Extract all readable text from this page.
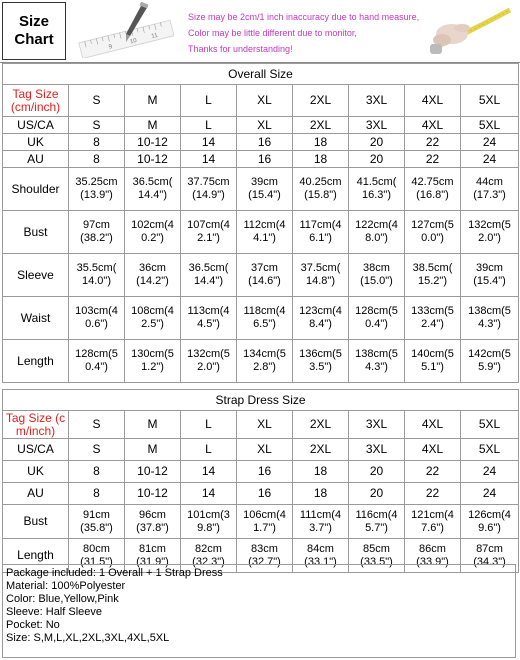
Size
Chart	9
10
11
Size may be 2cm/1 inch inaccuracy due to hand measure,
Color may be little different due to monitor,
Thanks for understanding!
Overall Size								
Tag Size (cm/inch)	S	M	L	XL	2XL	3XL	4XL	5XL
US/CA	S	M	L	XL	2XL	3XL	4XL	5XL
UK	8	10-12	14	16	18	20	22	24
AU	8	10-12	14	16	18	20	22	24
Shoulder	35.25cm (13.9")	36.5cm( 14.4")	37.75cm (14.9")	39cm (15.4")	40.25cm (15.8")	41.5cm( 16.3")	42.75cm (16.8")	44cm (17.3")
Bust	97cm (38.2")	102cm(4 0.2")	107cm(4 2.1")	112cm(4 4.1")	117cm(4 6.1")	122cm(4 8.0")	127cm(5 0.0")	132cm(5 2.0")
Sleeve	35.5cm( 14.0")	36cm (14.2")	36.5cm( 14.4")	37cm (14.6")	37.5cm( 14.8")	38cm (15.0")	38.5cm( 15.2")	39cm (15.4")
Waist	103cm(4 0.6")	108cm(4 2.5")	113cm(4 4.5")	118cm(4 6.5")	123cm(4 8.4")	128cm(5 0.4")	133cm(5 2.4")	138cm(5 4.3")
Length	128cm(5 0.4")	130cm(5 1.2")	132cm(5 2.0")	134cm(5 2.8")	136cm(5 3.5")	138cm(5 4.3")	140cm(5 5.1")	142cm(5 5.9")
Strap Dress Size								
Tag Size (c m/inch)	S	M	L	XL	2XL	3XL	4XL	5XL
US/CA	S	M	L	XL	2XL	3XL	4XL	5XL
UK	8	10-12	14	16	18	20	22	24
AU	8	10-12	14	16	18	20	22	24
Bust	91cm (35.8")	96cm (37.8")	101cm(3 9.8")	106cm(4 1.7")	111cm(4 3.7")	116cm(4 5.7")	121cm(4 7.6")	126cm(4 9.6")
Length	80cm (31.5")	81cm (31.9")	82cm (32.3")	83cm (32.7")	84cm (33.1")	85cm (33.5")	86cm (33.9")	87cm (34.3")
Package included: 1 Overall + 1 Strap Dress
Material: 100%Polyester
Color: Blue,Yellow,Pink
Sleeve: Half Sleeve
Pocket: No
Size: S,M,L,XL,2XL,3XL,4XL,5XL
